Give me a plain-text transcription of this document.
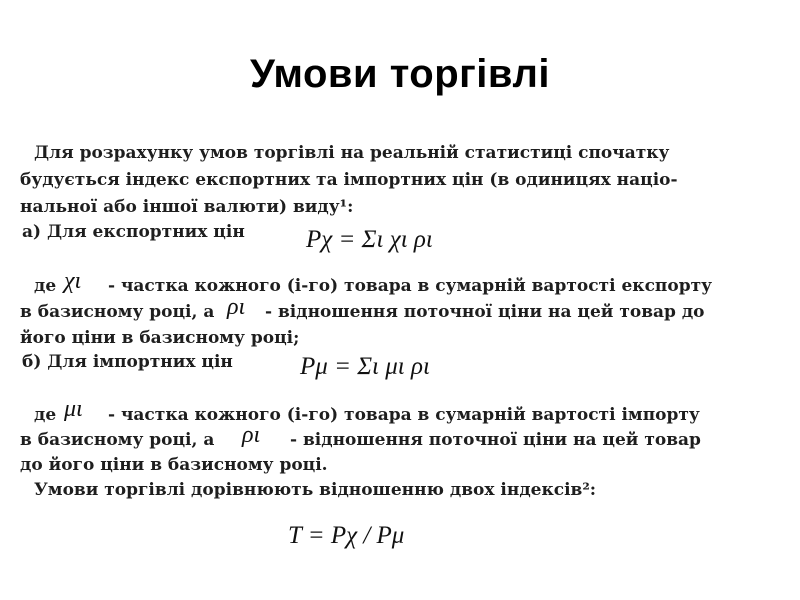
Умови торгівлі
Для розрахунку умов торгівлі на реальній статистиці спочатку
будується індекс експортних та імпортних цін (в одиницях націо-
нальної або іншої валюти) виду¹:
а) Для експортних цін Pχ = Σι χι ρι
де χι - частка кожного (і-го) товара в сумарній вартості експорту
в базисному році, а ρι - відношення поточної ціни на цей товар до
його ціни в базисному році;
б) Для імпортних цін	Pμ = Σι μι ρι
де μι - частка кожного (і-го) товара в сумарній вартості імпорту
в базисному році, а ρι - відношення поточної ціни на цей товар
до його ціни в базисному році.
Умови торгівлі дорівнюють відношенню двох індексів²:
T = Pχ / Pμ
